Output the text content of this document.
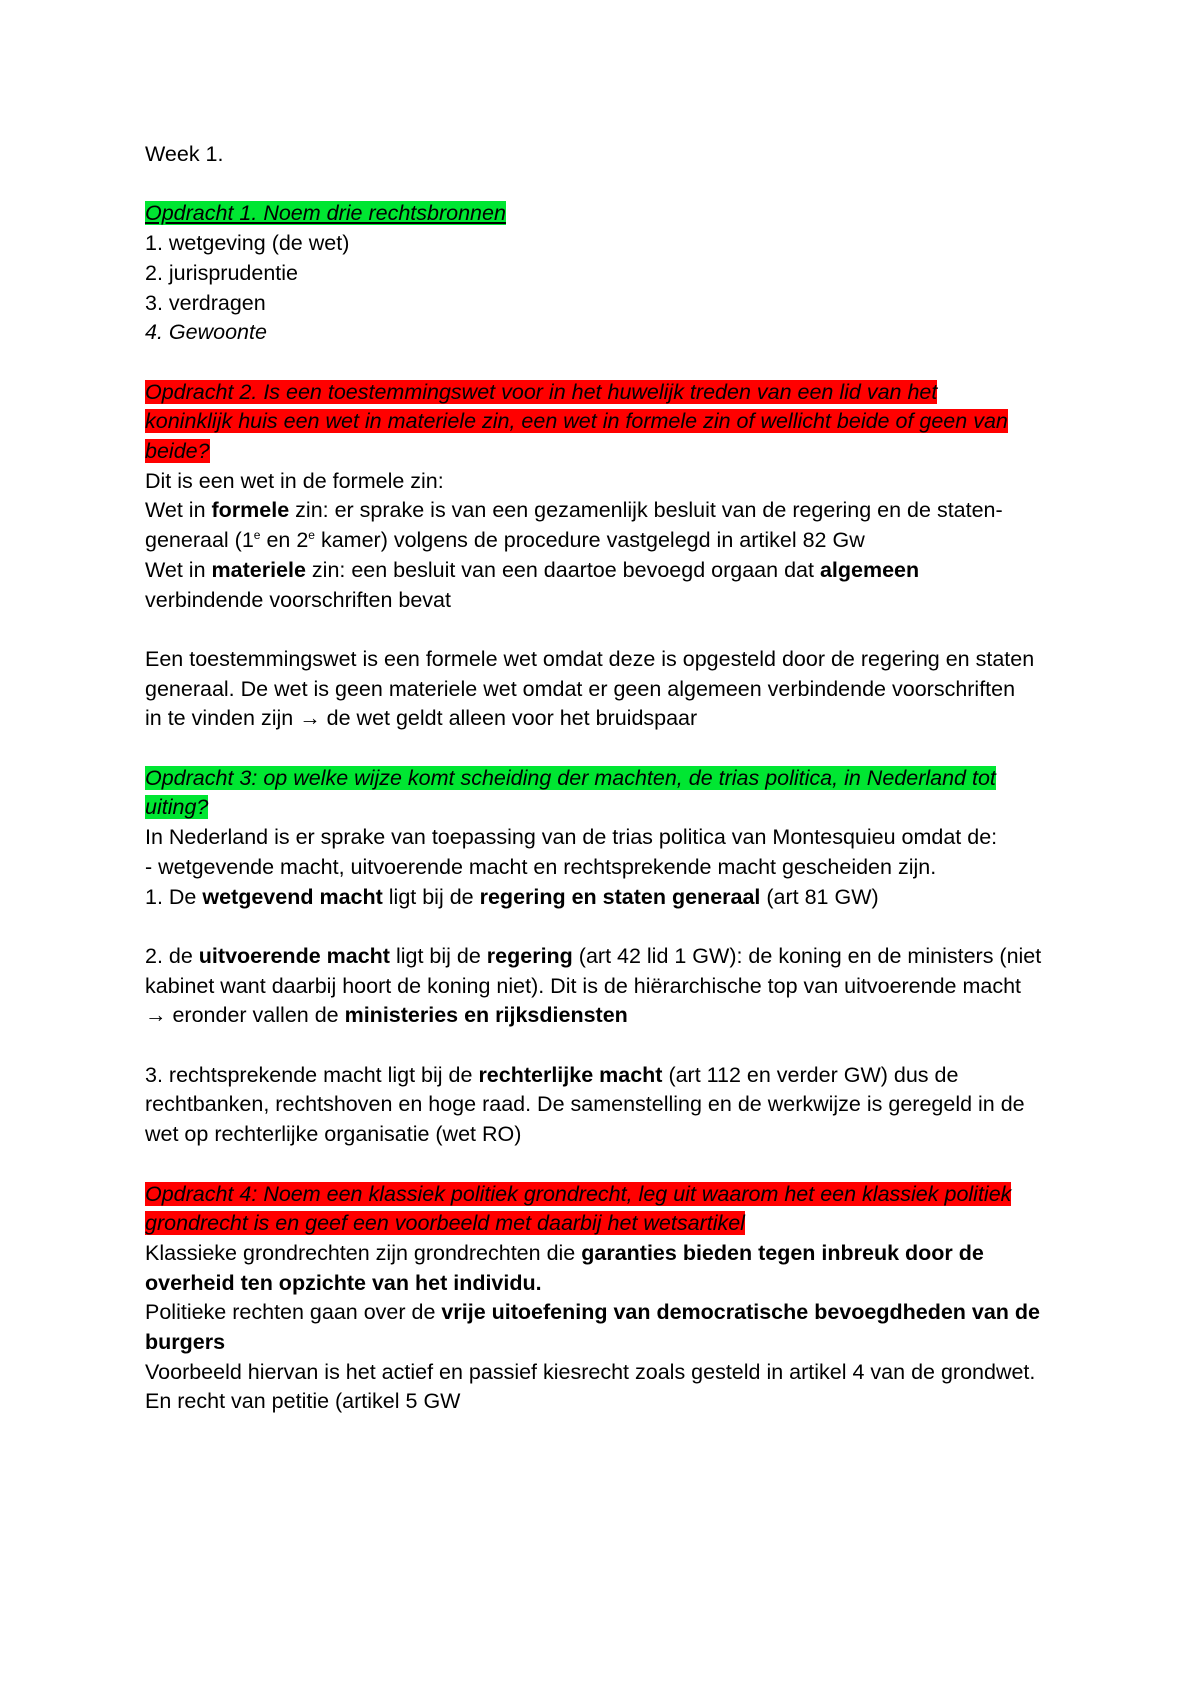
Week 1.
Opdracht 1. Noem drie rechtsbronnen
1. wetgeving (de wet)
2. jurisprudentie
3. verdragen
4. Gewoonte
Opdracht 2. Is een toestemmingswet voor in het huwelijk treden van een lid van het
koninklijk huis een wet in materiele zin, een wet in formele zin of wellicht beide of geen van
beide?
Dit is een wet in de formele zin:
Wet in formele zin: er sprake is van een gezamenlijk besluit van de regering en de staten-
generaal (1e en 2e kamer) volgens de procedure vastgelegd in artikel 82 Gw
Wet in materiele zin: een besluit van een daartoe bevoegd orgaan dat algemeen
verbindende voorschriften bevat
Een toestemmingswet is een formele wet omdat deze is opgesteld door de regering en staten
generaal. De wet is geen materiele wet omdat er geen algemeen verbindende voorschriften
in te vinden zijn → de wet geldt alleen voor het bruidspaar
Opdracht 3: op welke wijze komt scheiding der machten, de trias politica, in Nederland tot
uiting?
In Nederland is er sprake van toepassing van de trias politica van Montesquieu omdat de:
- wetgevende macht, uitvoerende macht en rechtsprekende macht gescheiden zijn.
1. De wetgevend macht ligt bij de regering en staten generaal (art 81 GW)
2. de uitvoerende macht ligt bij de regering (art 42 lid 1 GW): de koning en de ministers (niet
kabinet want daarbij hoort de koning niet). Dit is de hiërarchische top van uitvoerende macht
→ eronder vallen de ministeries en rijksdiensten
3. rechtsprekende macht ligt bij de rechterlijke macht (art 112 en verder GW) dus de
rechtbanken, rechtshoven en hoge raad. De samenstelling en de werkwijze is geregeld in de
wet op rechterlijke organisatie (wet RO)
Opdracht 4: Noem een klassiek politiek grondrecht, leg uit waarom het een klassiek politiek
grondrecht is en geef een voorbeeld met daarbij het wetsartikel
Klassieke grondrechten zijn grondrechten die garanties bieden tegen inbreuk door de
overheid ten opzichte van het individu.
Politieke rechten gaan over de vrije uitoefening van democratische bevoegdheden van de
burgers
Voorbeeld hiervan is het actief en passief kiesrecht zoals gesteld in artikel 4 van de grondwet.
En recht van petitie (artikel 5 GW
